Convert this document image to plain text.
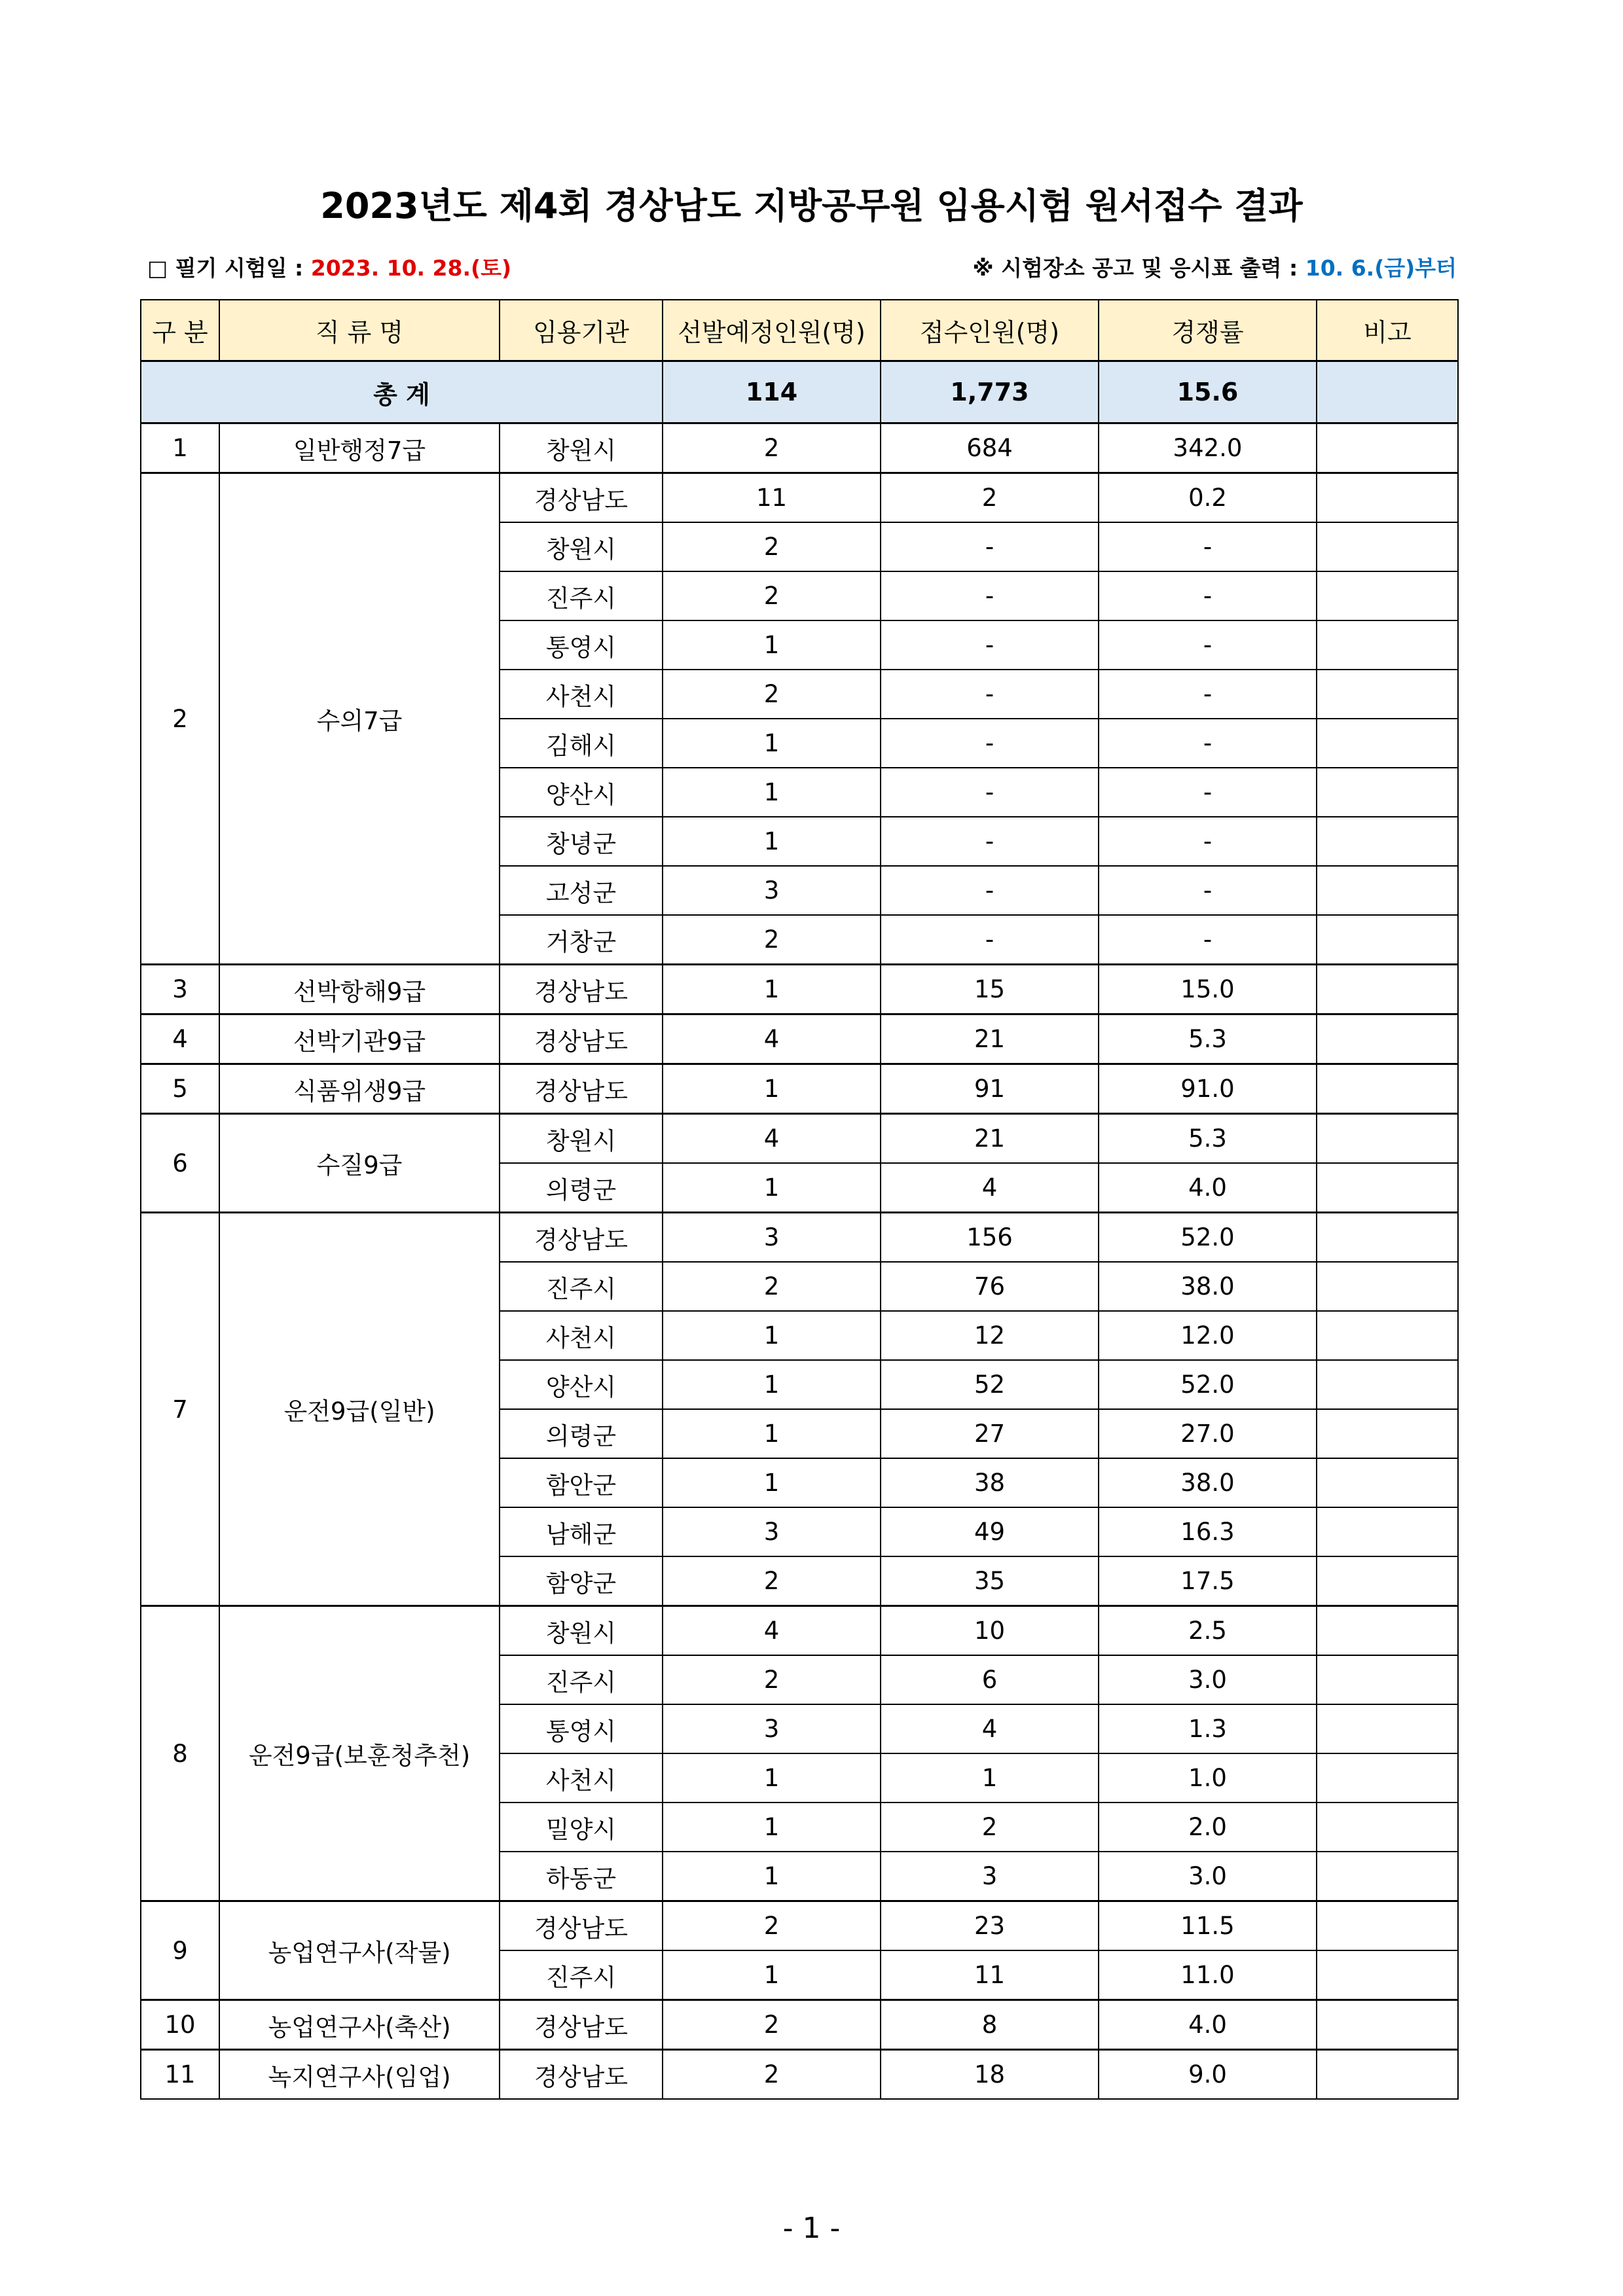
2023년도 제4회 경상남도 지방공무원 임용시험 원서접수 결과
□ 필기 시험일 : 2023. 10. 28.(토)	※ 시험장소 공고 및 응시표 출력 : 10. 6.(금)부터
구 분	직 류 명	임용기관	선발예정인원(명)	접수인원(명)	경쟁률	비고
총 계			114	1,773	15.6	
1	일반행정7급	창원시	2	684	342.0	
2	수의7급	경상남도	11	2	0.2	
		창원시	2	-	-	
		진주시	2	-	-	
		통영시	1	-	-	
		사천시	2	-	-	
		김해시	1	-	-	
		양산시	1	-	-	
		창녕군	1	-	-	
		고성군	3	-	-	
		거창군	2	-	-	
3	선박항해9급	경상남도	1	15	15.0	
4	선박기관9급	경상남도	4	21	5.3	
5	식품위생9급	경상남도	1	91	91.0	
6	수질9급	창원시	4	21	5.3	
		의령군	1	4	4.0	
7	운전9급(일반)	경상남도	3	156	52.0	
		진주시	2	76	38.0	
		사천시	1	12	12.0	
		양산시	1	52	52.0	
		의령군	1	27	27.0	
		함안군	1	38	38.0	
		남해군	3	49	16.3	
		함양군	2	35	17.5	
8	운전9급(보훈청추천)	창원시	4	10	2.5	
		진주시	2	6	3.0	
		통영시	3	4	1.3	
		사천시	1	1	1.0	
		밀양시	1	2	2.0	
		하동군	1	3	3.0	
9	농업연구사(작물)	경상남도	2	23	11.5	
		진주시	1	11	11.0	
10	농업연구사(축산)	경상남도	2	8	4.0	
11	녹지연구사(임업)	경상남도	2	18	9.0	
- 1 -
